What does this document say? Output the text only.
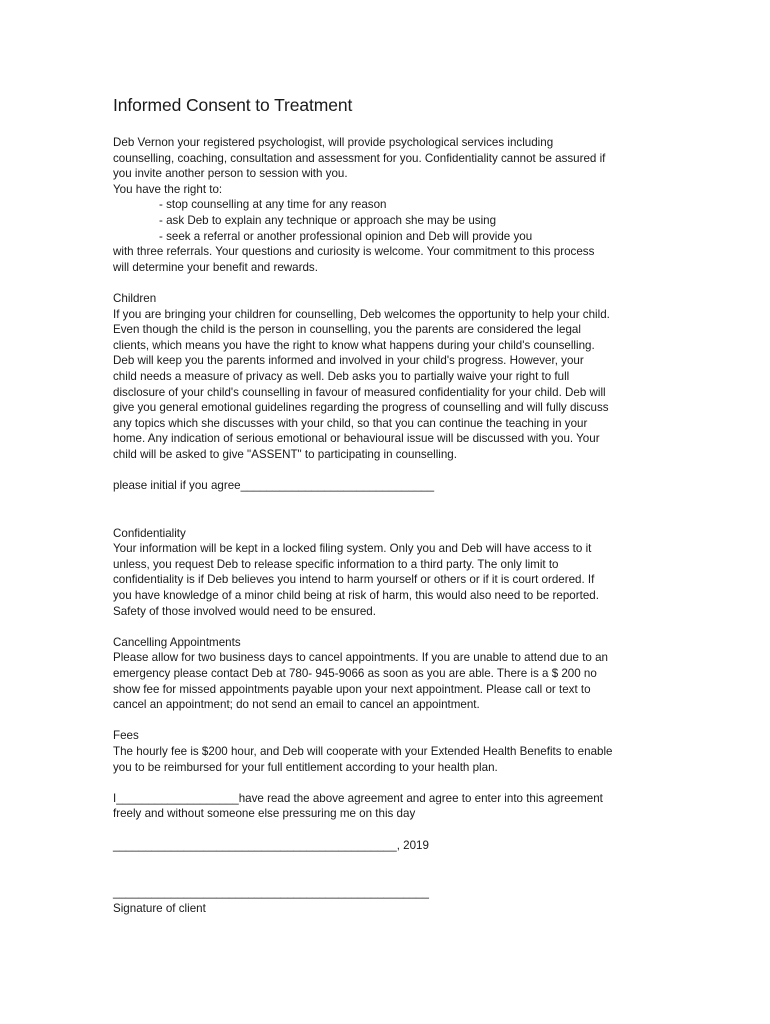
Informed Consent to Treatment
Deb Vernon your registered psychologist, will provide psychological services including
counselling, coaching, consultation and assessment for you. Confidentiality cannot be assured if
you invite another person to session with you.
You have the right to:
- stop counselling at any time for any reason
- ask Deb to explain any technique or approach she may be using
- seek a referral or another professional opinion and Deb will provide you
with three referrals. Your questions and curiosity is welcome. Your commitment to this process
will determine your benefit and rewards.
Children
If you are bringing your children for counselling, Deb welcomes the opportunity to help your child.
Even though the child is the person in counselling, you the parents are considered the legal
clients, which means you have the right to know what happens during your child's counselling.
Deb will keep you the parents informed and involved in your child's progress. However, your
child needs a measure of privacy as well. Deb asks you to partially waive your right to full
disclosure of your child's counselling in favour of measured confidentiality for your child. Deb will
give you general emotional guidelines regarding the progress of counselling and will fully discuss
any topics which she discusses with your child, so that you can continue the teaching in your
home. Any indication of serious emotional or behavioural issue will be discussed with you. Your
child will be asked to give "ASSENT" to participating in counselling.
please initial if you agree______________________________
Confidentiality
Your information will be kept in a locked filing system. Only you and Deb will have access to it
unless, you request Deb to release specific information to a third party. The only limit to
confidentiality is if Deb believes you intend to harm yourself or others or if it is court ordered. If
you have knowledge of a minor child being at risk of harm, this would also need to be reported.
Safety of those involved would need to be ensured.
Cancelling Appointments
Please allow for two business days to cancel appointments. If you are unable to attend due to an
emergency please contact Deb at 780- 945-9066 as soon as you are able. There is a $ 200 no
show fee for missed appointments payable upon your next appointment. Please call or text to
cancel an appointment; do not send an email to cancel an appointment.
Fees
The hourly fee is $200 hour, and Deb will cooperate with your Extended Health Benefits to enable
you to be reimbursed for your full entitlement according to your health plan.
I___________________have read the above agreement and agree to enter into this agreement
freely and without someone else pressuring me on this day
____________________________________________, 2019
_________________________________________________
Signature of client
